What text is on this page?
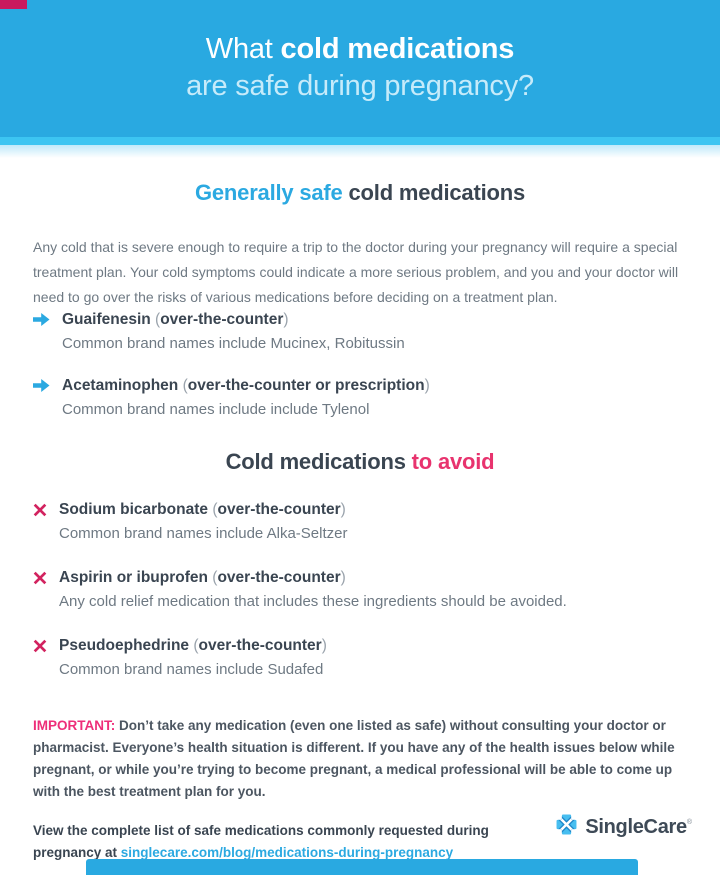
What cold medications
are safe during pregnancy?
Generally safe cold medications

Any cold that is severe enough to require a trip to the doctor during your pregnancy will require a special treatment plan. Your cold symptoms could indicate a more serious problem, and you and your doctor will need to go over the risks of various medications before deciding on a treatment plan.

Guaifenesin (over-the-counter)
Common brand names include Mucinex, Robitussin
Acetaminophen (over-the-counter or prescription)
Common brand names include include Tylenol
Cold medications to avoid
Sodium bicarbonate (over-the-counter)
Common brand names include Alka-Seltzer
Aspirin or ibuprofen (over-the-counter)
Any cold relief medication that includes these ingredients should be avoided.
Pseudoephedrine (over-the-counter)
Common brand names include Sudafed

IMPORTANT: Don’t take any medication (even one listed as safe) without consulting your doctor or pharmacist. Everyone’s health situation is different. If you have any of the health issues below while pregnant, or while you’re trying to become pregnant, a medical professional will be able to come up with the best treatment plan for you.

View the complete list of safe medications commonly requested during pregnancy at singlecare.com/blog/medications-during-pregnancy

SingleCare®
